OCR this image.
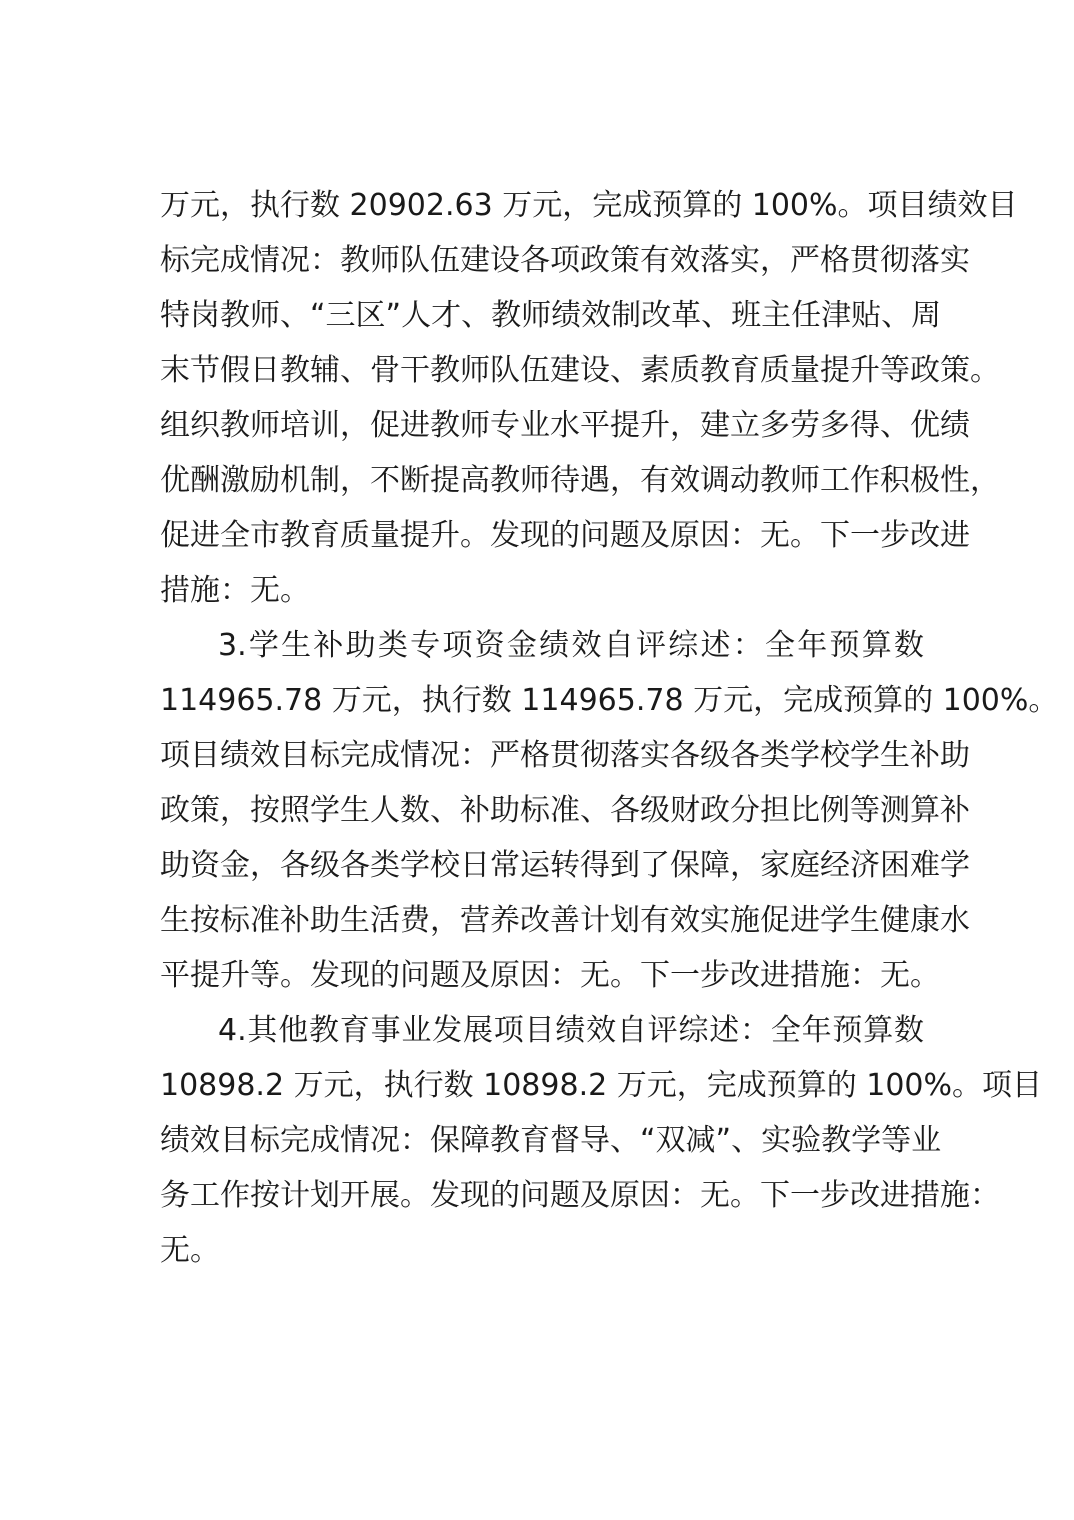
万元，执行数 20902.63 万元，完成预算的 100%。项目绩效目
标完成情况：教师队伍建设各项政策有效落实，严格贯彻落实
特岗教师、“三区”人才、教师绩效制改革、班主任津贴、周
末节假日教辅、骨干教师队伍建设、素质教育质量提升等政策。
组织教师培训，促进教师专业水平提升，建立多劳多得、优绩
优酬激励机制，不断提高教师待遇，有效调动教师工作积极性，
促进全市教育质量提升。发现的问题及原因：无。下一步改进
措施：无。
3.学生补助类专项资金绩效自评综述：全年预算数
114965.78 万元，执行数 114965.78 万元，完成预算的 100%。
项目绩效目标完成情况：严格贯彻落实各级各类学校学生补助
政策，按照学生人数、补助标准、各级财政分担比例等测算补
助资金，各级各类学校日常运转得到了保障，家庭经济困难学
生按标准补助生活费，营养改善计划有效实施促进学生健康水
平提升等。发现的问题及原因：无。下一步改进措施：无。
4.其他教育事业发展项目绩效自评综述：全年预算数
10898.2 万元，执行数 10898.2 万元，完成预算的 100%。项目
绩效目标完成情况：保障教育督导、“双减”、实验教学等业
务工作按计划开展。发现的问题及原因：无。下一步改进措施：
无。
